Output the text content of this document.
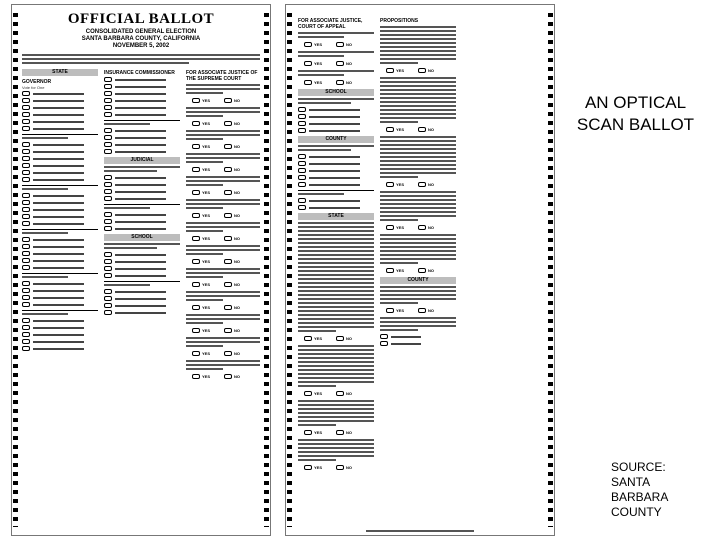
OFFICIAL BALLOT
CONSOLIDATED GENERAL ELECTION
SANTA BARBARA COUNTY, CALIFORNIA
NOVEMBER 5, 2002
STATE
GOVERNOR
Vote for One
INSURANCE COMMISSIONER
JUDICIAL
SCHOOL
FOR ASSOCIATE JUSTICE OF THE SUPREME COURT
YES	NO
YES	NO
YES	NO
YES	NO
YES	NO
YES	NO
YES	NO
YES	NO
YES	NO
YES	NO
YES	NO
YES	NO
YES	NO
FOR ASSOCIATE JUSTICE, COURT OF APPEAL
YES	NO
YES	NO
YES	NO
SCHOOL
COUNTY
STATE
YES	NO
YES	NO
YES	NO
YES	NO
PROPOSITIONS
YES	NO
YES	NO
YES	NO
YES	NO
YES	NO
COUNTY
YES	NO
AN OPTICAL
SCAN BALLOT
SOURCE:
SANTA
BARBARA
COUNTY
